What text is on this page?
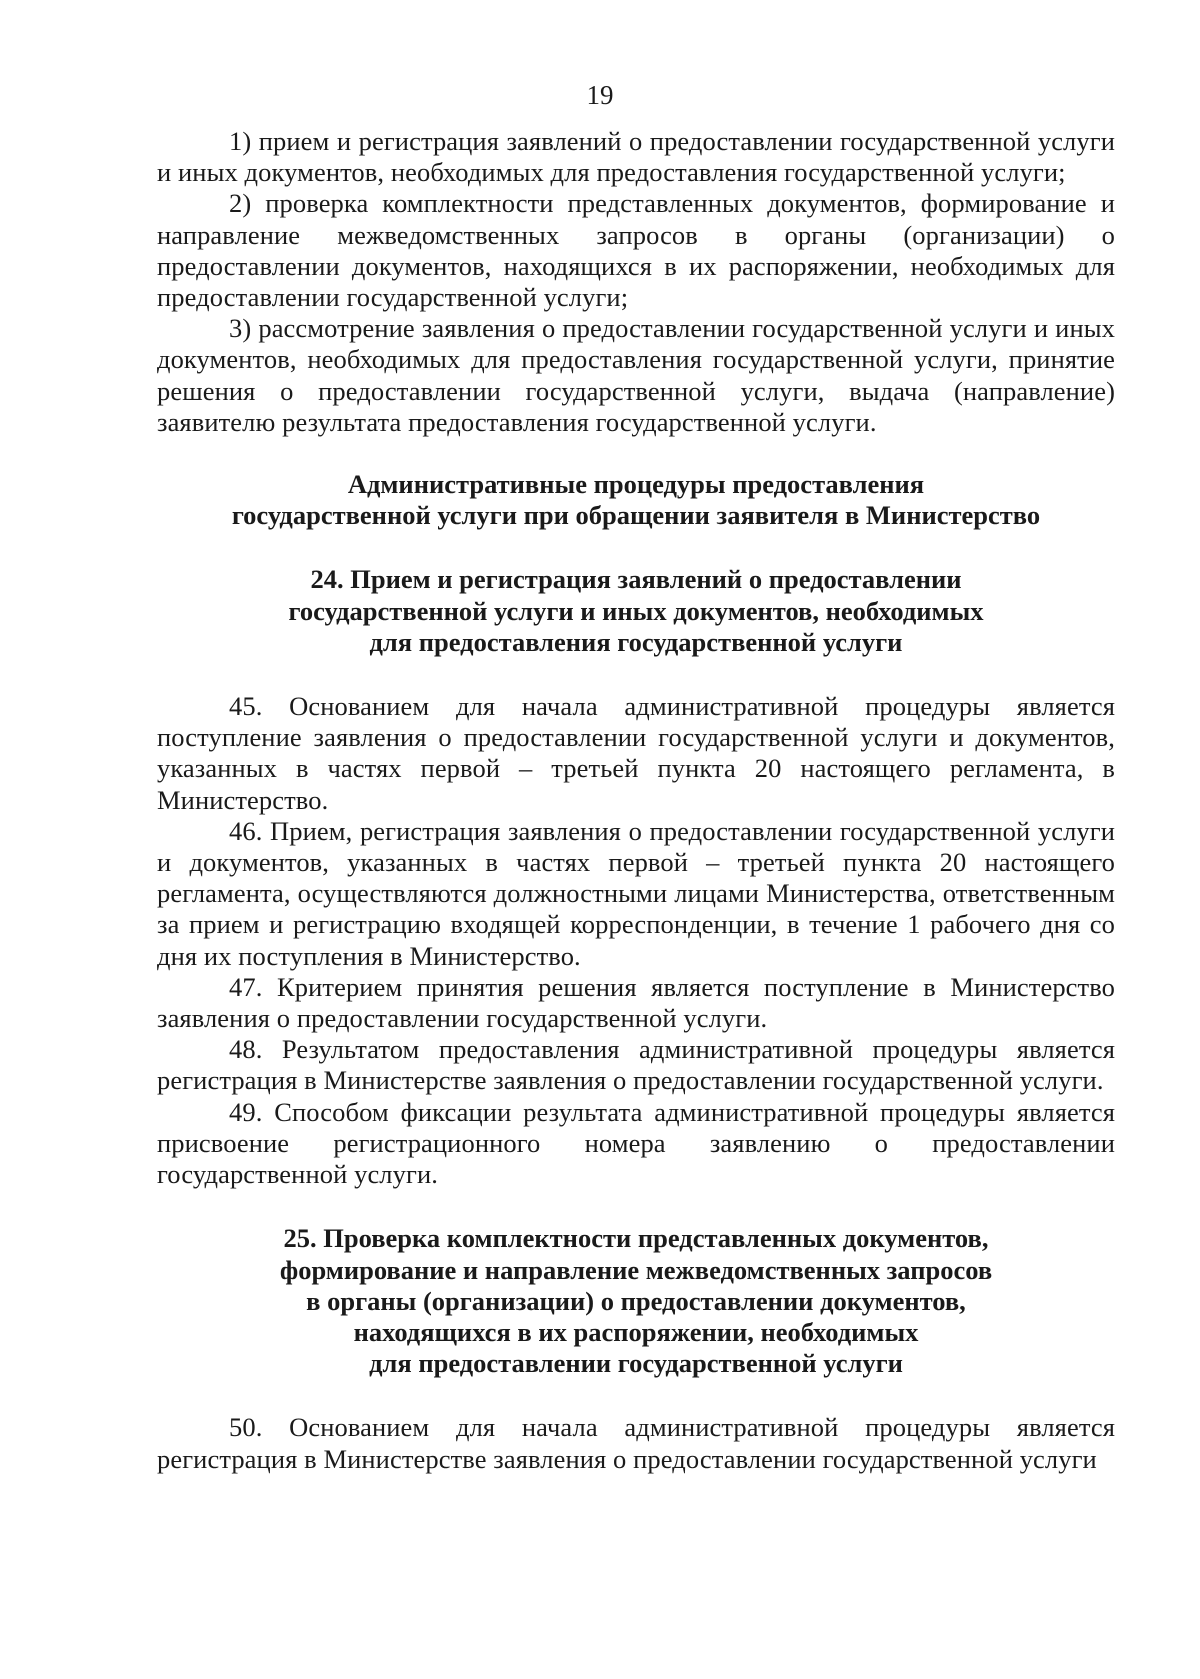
19

1) прием и регистрация заявлений о предоставлении государственной услуги и иных документов, необходимых для предоставления государственной услуги;

2) проверка комплектности представленных документов, формирование и направление межведомственных запросов в органы (организации) о предоставлении документов, находящихся в их распоряжении, необходимых для предоставлении государственной услуги;

3) рассмотрение заявления о предоставлении государственной услуги и иных документов, необходимых для предоставления государственной услуги, принятие решения о предоставлении государственной услуги, выдача (направление) заявителю результата предоставления государственной услуги.

Административные процедуры предоставления
государственной услуги при обращении заявителя в Министерство
24. Прием и регистрация заявлений о предоставлении
государственной услуги и иных документов, необходимых
для предоставления государственной услуги

45. Основанием для начала административной процедуры является поступление заявления о предоставлении государственной услуги и документов, указанных в частях первой – третьей пункта 20 настоящего регламента, в Министерство.

46. Прием, регистрация заявления о предоставлении государственной услуги и документов, указанных в частях первой – третьей пункта 20 настоящего регламента, осуществляются должностными лицами Министерства, ответственным за прием и регистрацию входящей корреспонденции, в течение 1 рабочего дня со дня их поступления в Министерство.

47. Критерием принятия решения является поступление в Министерство заявления о предоставлении государственной услуги.

48. Результатом предоставления административной процедуры является регистрация в Министерстве заявления о предоставлении государственной услуги.

49. Способом фиксации результата административной процедуры является присвоение регистрационного номера заявлению о предоставлении государственной услуги.

25. Проверка комплектности представленных документов,
формирование и направление межведомственных запросов
в органы (организации) о предоставлении документов,
находящихся в их распоряжении, необходимых
для предоставлении государственной услуги

50. Основанием для начала административной процедуры является регистрация в Министерстве заявления о предоставлении государственной услуги
